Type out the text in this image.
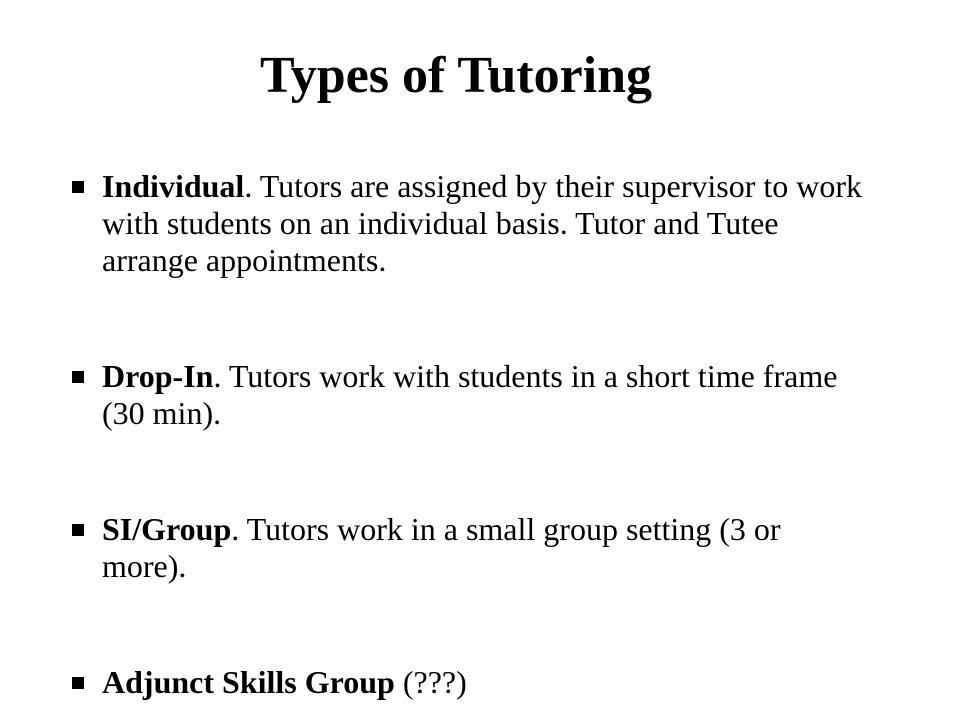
Types of Tutoring
Individual. Tutors are assigned by their supervisor to work with students on an individual basis. Tutor and Tutee arrange appointments.
Drop-In. Tutors work with students in a short time frame (30 min).
SI/Group. Tutors work in a small group setting (3 or more).
Adjunct Skills Group (???)
